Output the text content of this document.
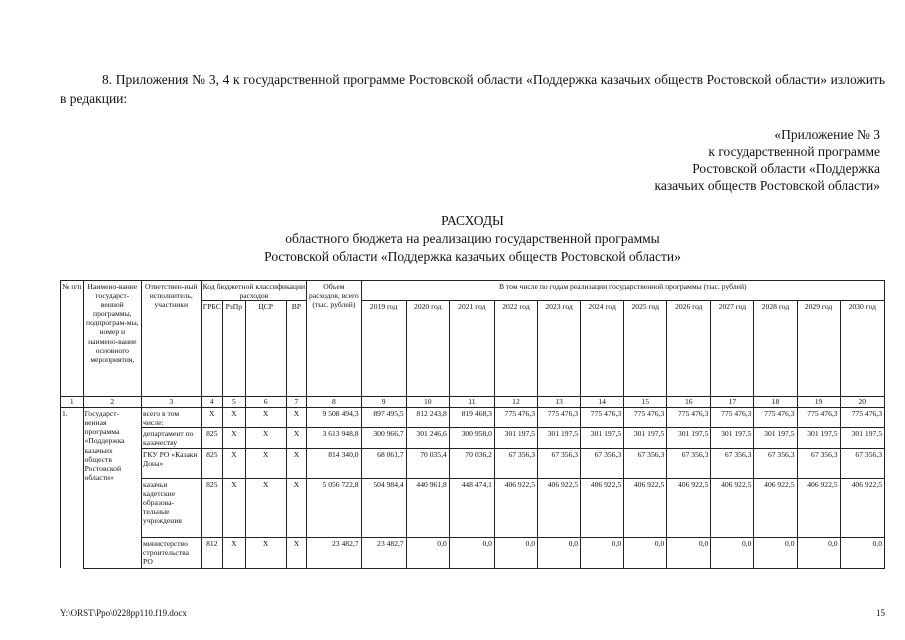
8. Приложения № 3, 4 к государственной программе Ростовской области «Поддержка казачьих обществ Ростовской области» изложить в редакции:

«Приложение № 3
к государственной программе
Ростовской области «Поддержка
казачьих обществ Ростовской области»
РАСХОДЫ
областного бюджета на реализацию государственной программы
Ростовской области «Поддержка казачьих обществ Ростовской области»
№ п/п	Наимено-вание государст-венной программы, подпрограм-мы, номер и наимено-вание основного мероприятия,	Ответствен-ный исполнитель, участники	Код бюджетной классификации расходов				Объем расходов, всего (тыс. рублей)	В том числе по годам реализации государственной программы (тыс. рублей)											
			ГРБС	РзПр	ЦСР	ВР		2019 год	2020 год	2021 год	2022 год	2023 год	2024 год	2025 год	2026 год	2027 год	2028 год	2029 год	2030 год
1	2	3	4	5	6	7	8	9	10	11	12	13	14	15	16	17	18	19	20
1.	Государст-венная программа «Поддержка казачьих обществ Ростовской области»	всего в том числе:	X	X	X	X	9 508 494,3	897 495,5	812 243,8	819 468,3	775 476,3	775 476,3	775 476,3	775 476,3	775 476,3	775 476,3	775 476,3	775 476,3	775 476,3
		департамент по казачеству	825	X	X	X	3 613 948,8	300 966,7	301 246,6	300 958,0	301 197,5	301 197,5	301 197,5	301 197,5	301 197,5	301 197,5	301 197,5	301 197,5	301 197,5
		ГКУ РО «Казаки Дона»	825	X	X	X	814 340,0	68 061,7	70 035,4	70 036,2	67 356,3	67 356,3	67 356,3	67 356,3	67 356,3	67 356,3	67 356,3	67 356,3	67 356,3
		казачьи кадетские образова-тельные учреждения	825	X	X	X	5 056 722,8	504 984,4	440 961,8	448 474,1	406 922,5	406 922,5	406 922,5	406 922,5	406 922,5	406 922,5	406 922,5	406 922,5	406 922,5
		министерство строительства РО	812	X	X	X	23 482,7	23 482,7	0,0	0,0	0,0	0,0	0,0	0,0	0,0	0,0	0,0	0,0	0,0

Y:\ORST\Ppo\0228pp110.f19.docx	15
